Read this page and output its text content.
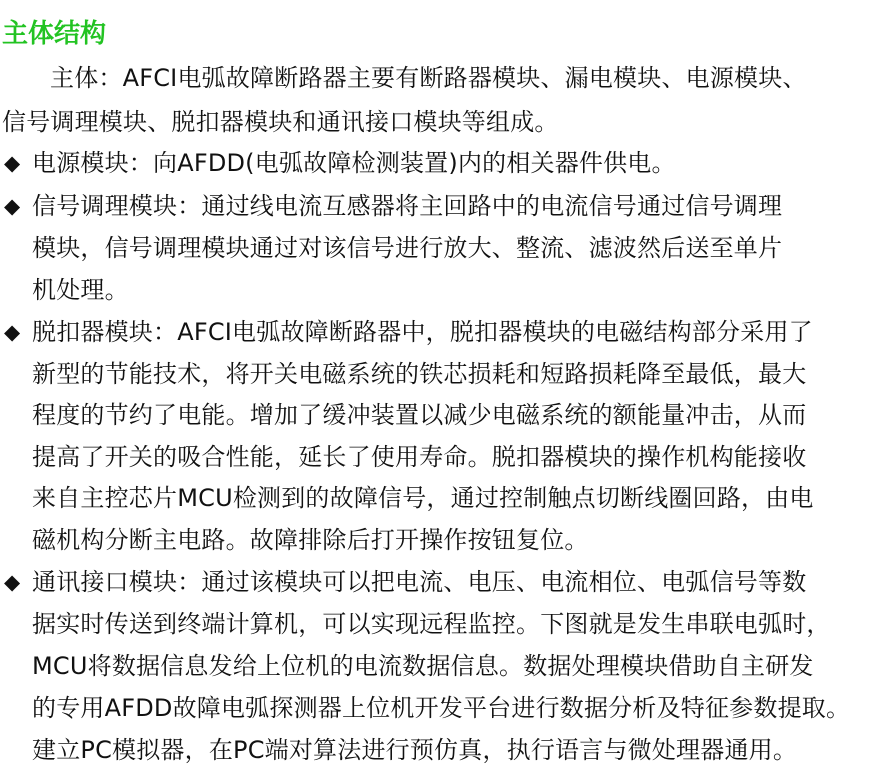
主体结构
主体：AFCI电弧故障断路器主要有断路器模块、漏电模块、电源模块、
信号调理模块、脱扣器模块和通讯接口模块等组成。
◆ 电源模块：向AFDD(电弧故障检测装置)内的相关器件供电。
◆ 信号调理模块：通过线电流互感器将主回路中的电流信号通过信号调理
模块，信号调理模块通过对该信号进行放大、整流、滤波然后送至单片
机处理。
◆ 脱扣器模块：AFCI电弧故障断路器中，脱扣器模块的电磁结构部分采用了
新型的节能技术，将开关电磁系统的铁芯损耗和短路损耗降至最低，最大
程度的节约了电能。增加了缓冲装置以减少电磁系统的额能量冲击，从而
提高了开关的吸合性能，延长了使用寿命。脱扣器模块的操作机构能接收
来自主控芯片MCU检测到的故障信号，通过控制触点切断线圈回路，由电
磁机构分断主电路。故障排除后打开操作按钮复位。
◆ 通讯接口模块：通过该模块可以把电流、电压、电流相位、电弧信号等数
据实时传送到终端计算机，可以实现远程监控。下图就是发生串联电弧时，
MCU将数据信息发给上位机的电流数据信息。数据处理模块借助自主研发
的专用AFDD故障电弧探测器上位机开发平台进行数据分析及特征参数提取。
建立PC模拟器，在PC端对算法进行预仿真，执行语言与微处理器通用。
